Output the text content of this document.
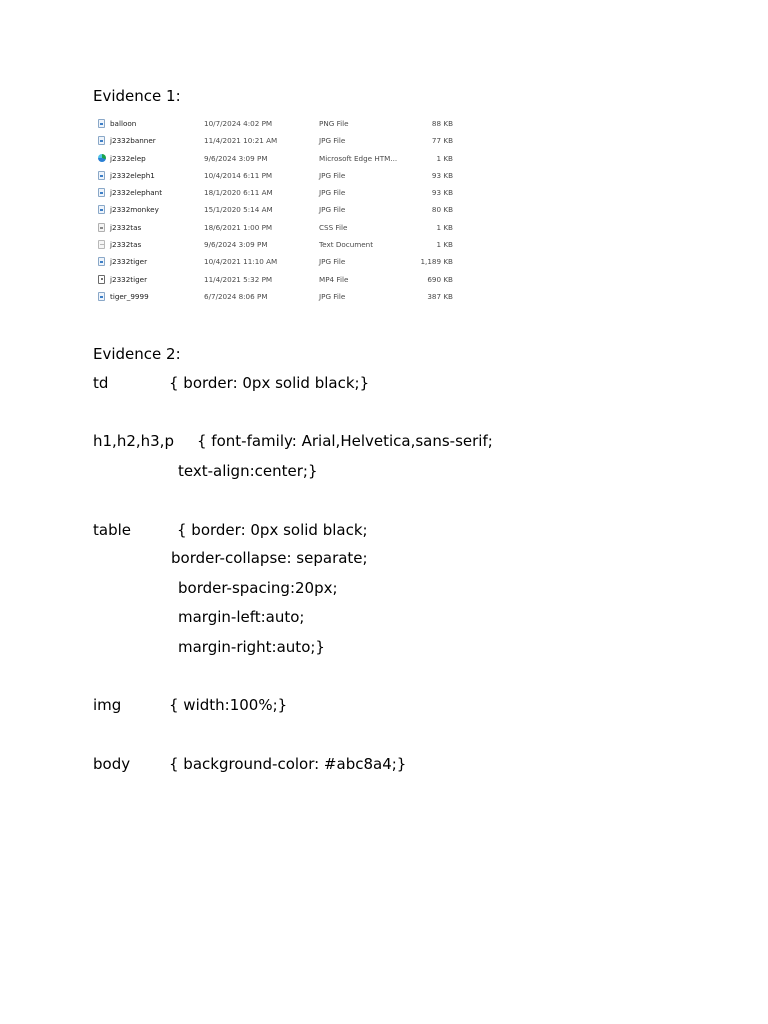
Evidence 1:
balloon	10/7/2024 4:02 PM	PNG File	88 KB
j2332banner	11/4/2021 10:21 AM	JPG File	77 KB
j2332elep	9/6/2024 3:09 PM	Microsoft Edge HTM...	1 KB
j2332eleph1	10/4/2014 6:11 PM	JPG File	93 KB
j2332elephant	18/1/2020 6:11 AM	JPG File	93 KB
j2332monkey	15/1/2020 5:14 AM	JPG File	80 KB
j2332tas	18/6/2021 1:00 PM	CSS File	1 KB
j2332tas	9/6/2024 3:09 PM	Text Document	1 KB
j2332tiger	10/4/2021 11:10 AM	JPG File	1,189 KB
j2332tiger	11/4/2021 5:32 PM	MP4 File	690 KB
tiger_9999	6/7/2024 8:06 PM	JPG File	387 KB
Evidence 2:
td	{ border: 0px solid black;}
h1,h2,h3,p { font-family: Arial,Helvetica,sans-serif;
text-align:center;}
table	{ border: 0px solid black;
border-collapse: separate;
border-spacing:20px;
margin-left:auto;
margin-right:auto;}
img	{ width:100%;}
body	{ background-color: #abc8a4;}
